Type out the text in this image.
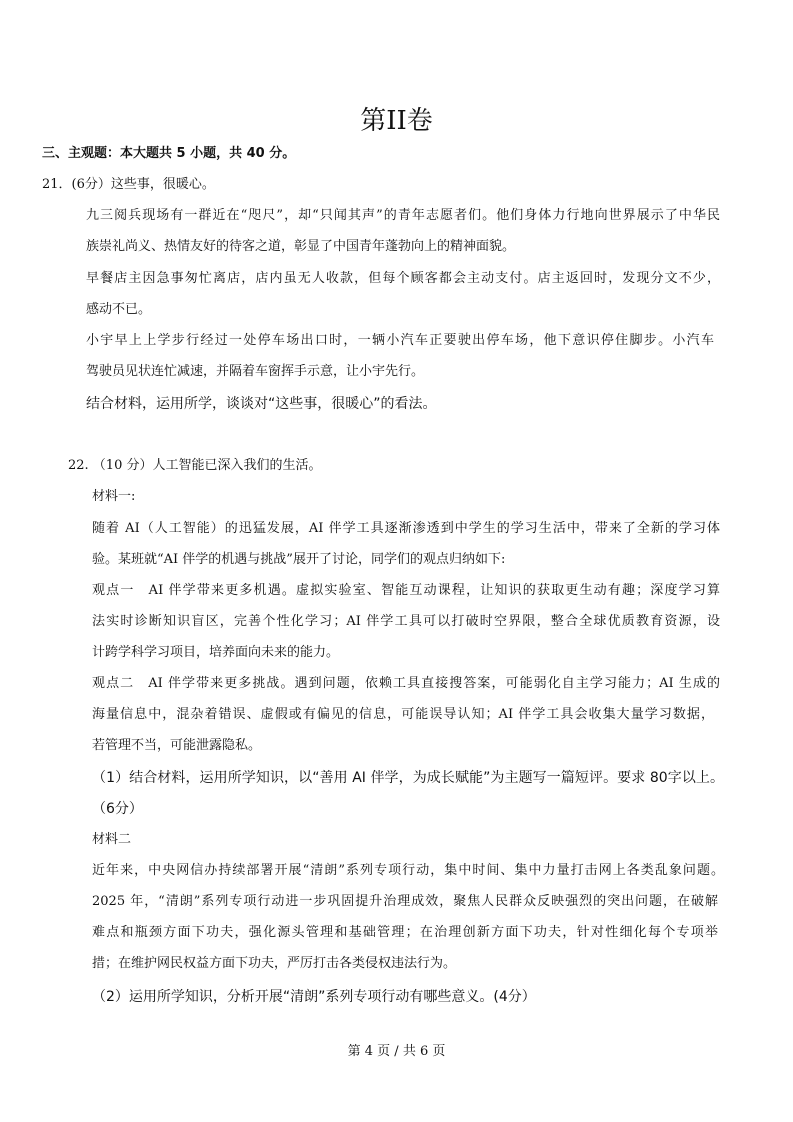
第II卷
三、主观题：本大题共 5 小题，共 40 分。
21．(6分）这些事，很暖心。
九三阅兵现场有一群近在“咫尺”，却“只闻其声”的青年志愿者们。他们身体力行地向世界展示了中华民
族崇礼尚义、热情友好的待客之道，彰显了中国青年蓬勃向上的精神面貌。
早餐店主因急事匆忙离店，店内虽无人收款，但每个顾客都会主动支付。店主返回时，发现分文不少，
感动不已。
小宇早上上学步行经过一处停车场出口时，一辆小汽车正要驶出停车场，他下意识停住脚步。小汽车
驾驶员见状连忙减速，并隔着车窗挥手示意，让小宇先行。
结合材料，运用所学，谈谈对“这些事，很暖心”的看法。
22. （10 分）人工智能已深入我们的生活。
材料一:
随着 AI（人工智能）的迅猛发展，AI 伴学工具逐渐渗透到中学生的学习生活中，带来了全新的学习体
验。某班就“AI 伴学的机遇与挑战”展开了讨论，同学们的观点归纳如下:
观点一　AI 伴学带来更多机遇。虚拟实验室、智能互动课程，让知识的获取更生动有趣；深度学习算
法实时诊断知识盲区，完善个性化学习；AI 伴学工具可以打破时空界限，整合全球优质教育资源，设
计跨学科学习项目，培养面向未来的能力。
观点二　AI 伴学带来更多挑战。遇到问题，依赖工具直接搜答案，可能弱化自主学习能力；AI 生成的
海量信息中，混杂着错误、虚假或有偏见的信息，可能误导认知；AI 伴学工具会收集大量学习数据，
若管理不当，可能泄露隐私。
（1）结合材料，运用所学知识，以“善用 AI 伴学，为成长赋能”为主题写一篇短评。要求 80字以上。
（6分）
材料二
近年来，中央网信办持续部署开展“清朗”系列专项行动，集中时间、集中力量打击网上各类乱象问题。
2025 年，“清朗”系列专项行动进一步巩固提升治理成效，聚焦人民群众反映强烈的突出问题，在破解
难点和瓶颈方面下功夫，强化源头管理和基础管理；在治理创新方面下功夫，针对性细化每个专项举
措；在维护网民权益方面下功夫，严厉打击各类侵权违法行为。
（2）运用所学知识，分析开展“清朗”系列专项行动有哪些意义。(4分）
第 4 页 / 共 6 页
